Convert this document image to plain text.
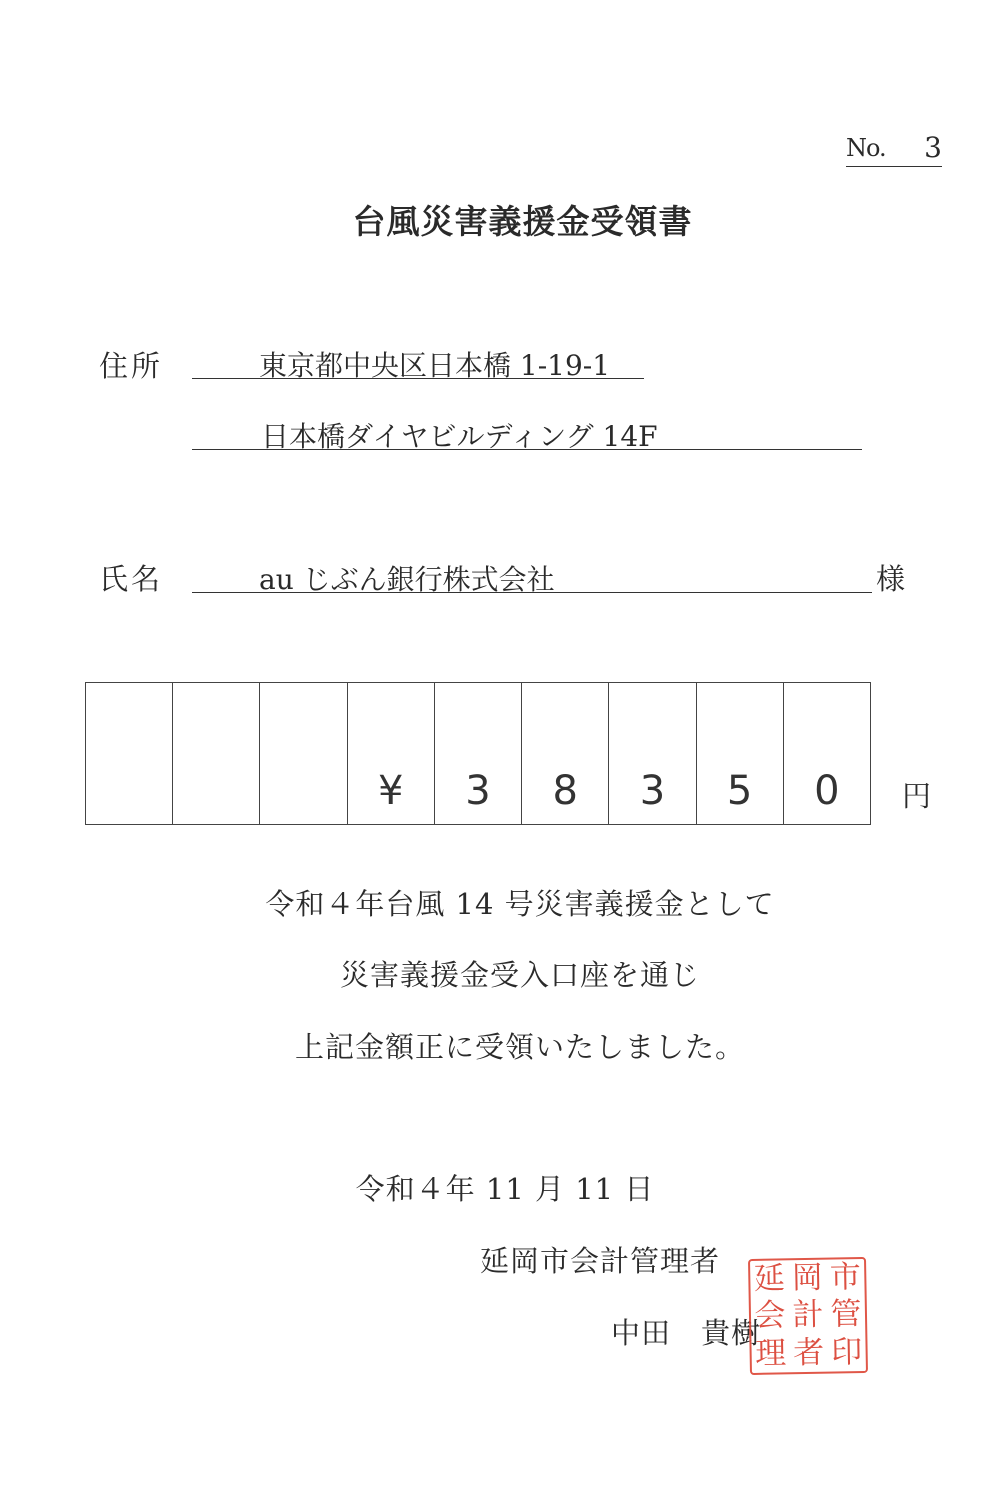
No. 3
台風災害義援金受領書
住所	東京都中央区日本橋 1-19-1
日本橋ダイヤビルディング 14F
氏名	au じぶん銀行株式会社	様
¥	3	8	3	5	0	円
令和４年台風 14 号災害義援金として
災害義援金受入口座を通じ
上記金額正に受領いたしました。
令和４年 11 月 11 日
延岡市会計管理者
中田　貴樹
延 岡 市
会 計 管
理 者 印
